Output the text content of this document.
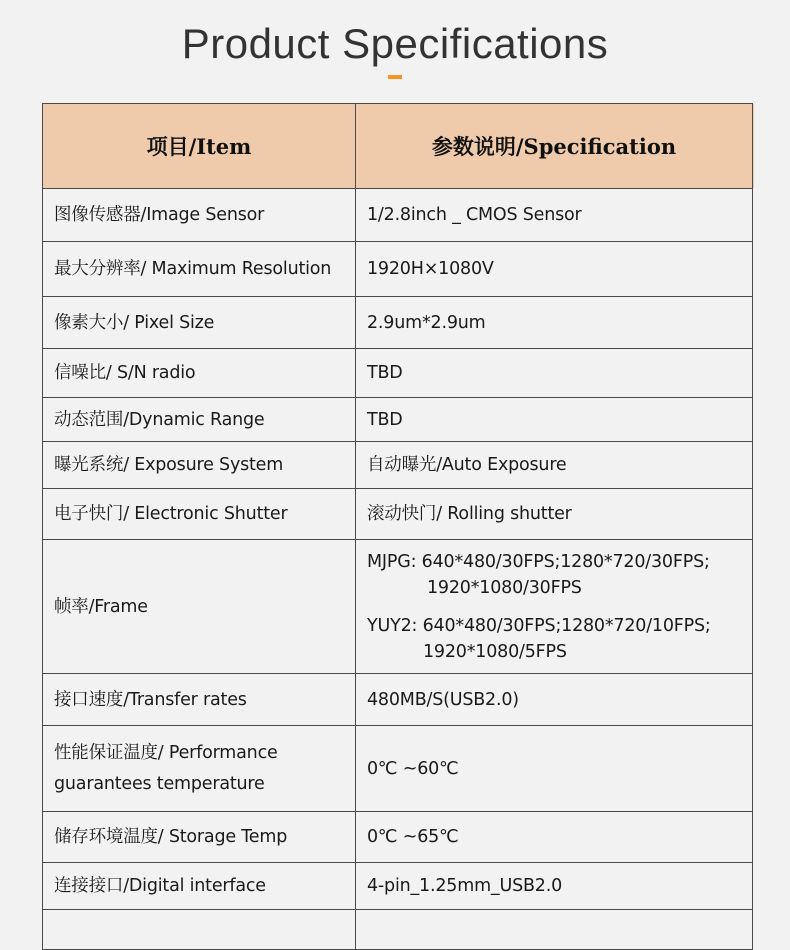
Product Specifications
项目/Item	参数说明/Specification
图像传感器/Image Sensor	1/2.8inch _ CMOS Sensor
最大分辨率/ Maximum Resolution	1920H×1080V
像素大小/ Pixel Size	2.9um*2.9um
信噪比/ S/N radio	TBD
动态范围/Dynamic Range	TBD
曝光系统/ Exposure System	自动曝光/Auto Exposure
电子快门/ Electronic Shutter	滚动快门/ Rolling shutter
帧率/Frame	MJPG: 640*480/30FPS;1280*720/30FPS;
1920*1080/30FPS
YUY2: 640*480/30FPS;1280*720/10FPS;
1920*1080/5FPS

接口速度/Transfer rates	480MB/S(USB2.0)

性能保证温度/ Performance
guarantees temperature	0℃ ~60℃
储存环境温度/ Storage Temp	0℃ ~65℃
连接接口/Digital interface	4-pin_1.25mm_USB2.0
